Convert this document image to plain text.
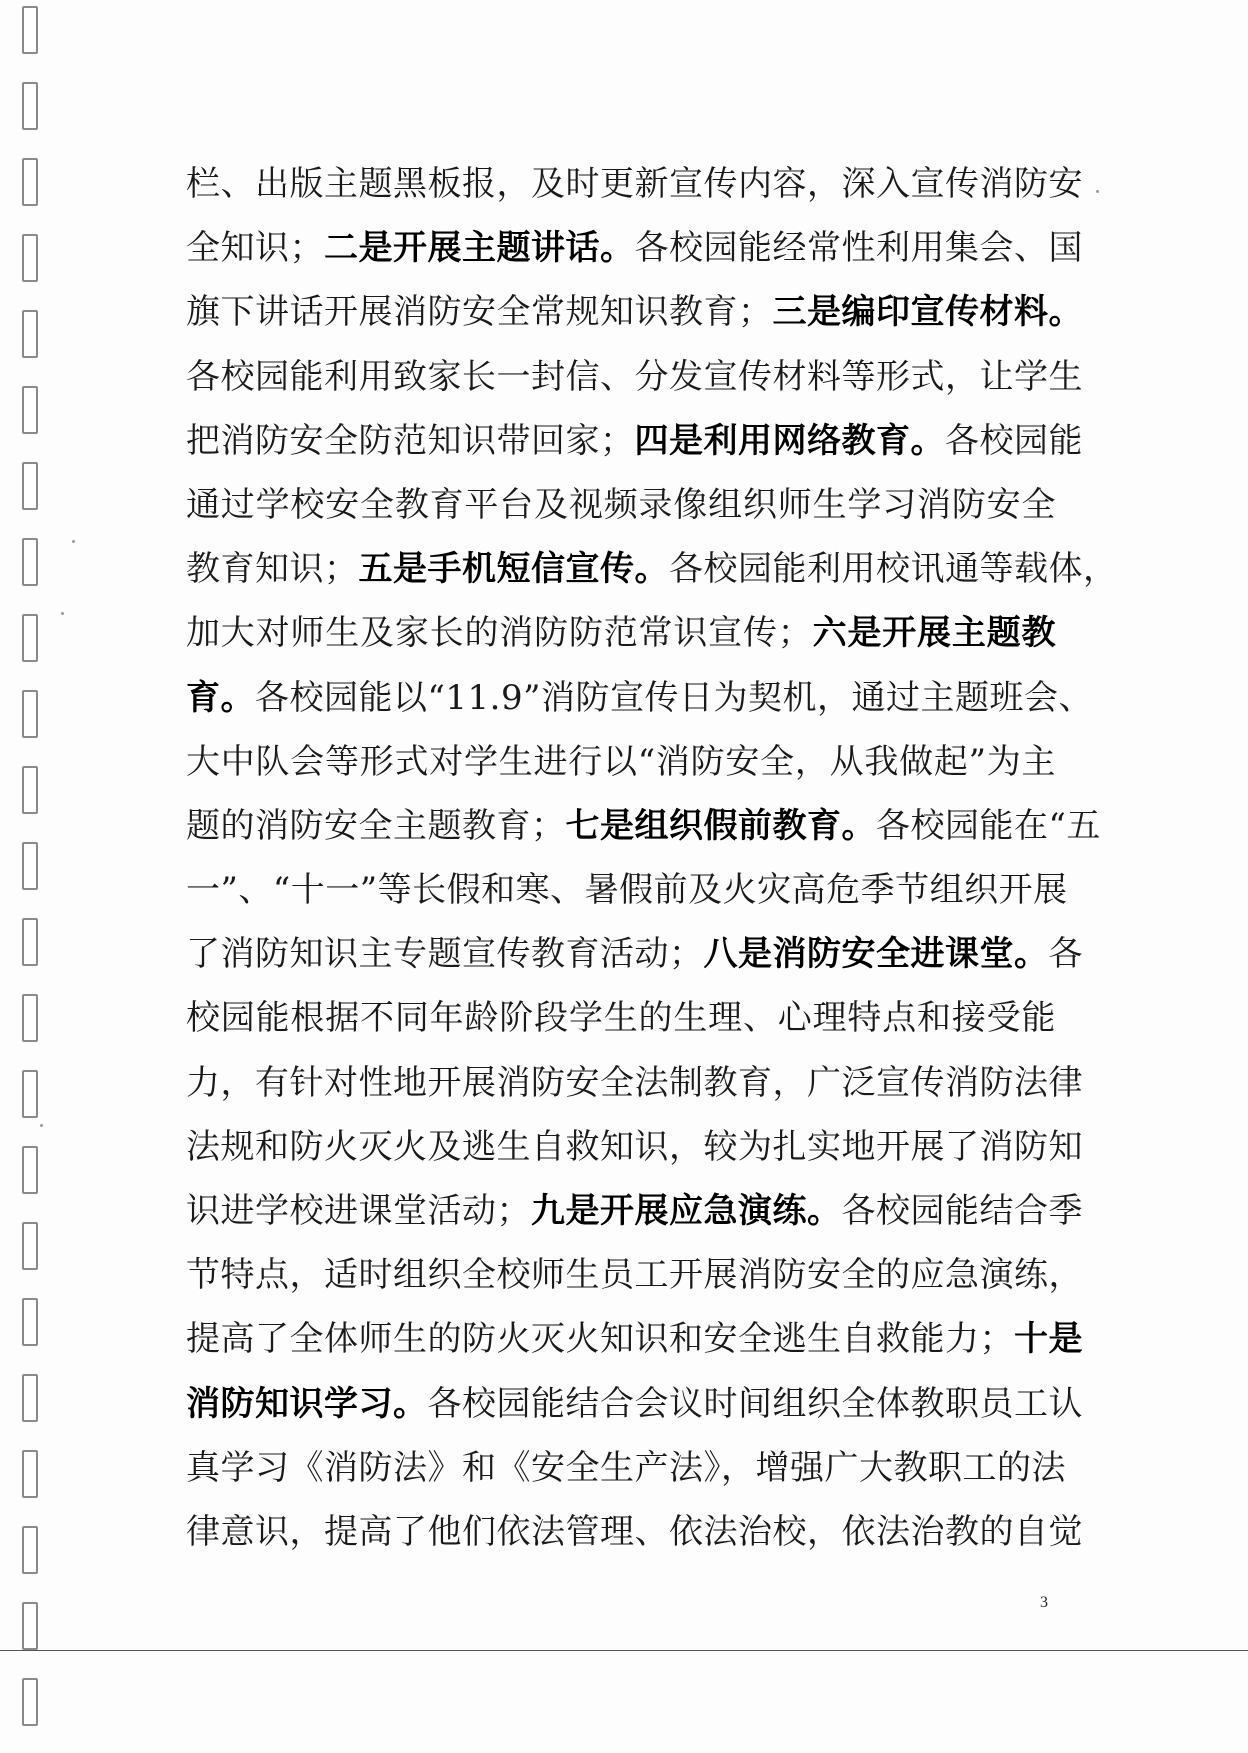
栏、出版主题黑板报，及时更新宣传内容，深入宣传消防安
全知识；二是开展主题讲话。各校园能经常性利用集会、国
旗下讲话开展消防安全常规知识教育；三是编印宣传材料。
各校园能利用致家长一封信、分发宣传材料等形式，让学生
把消防安全防范知识带回家；四是利用网络教育。各校园能
通过学校安全教育平台及视频录像组织师生学习消防安全
教育知识；五是手机短信宣传。各校园能利用校讯通等载体，
加大对师生及家长的消防防范常识宣传；六是开展主题教
育。各校园能以“11.9”消防宣传日为契机，通过主题班会、
大中队会等形式对学生进行以“消防安全，从我做起”为主
题的消防安全主题教育；七是组织假前教育。各校园能在“五
一”、“十一”等长假和寒、暑假前及火灾高危季节组织开展
了消防知识主专题宣传教育活动；八是消防安全进课堂。各
校园能根据不同年龄阶段学生的生理、心理特点和接受能
力，有针对性地开展消防安全法制教育，广泛宣传消防法律
法规和防火灭火及逃生自救知识，较为扎实地开展了消防知
识进学校进课堂活动；九是开展应急演练。各校园能结合季
节特点，适时组织全校师生员工开展消防安全的应急演练，
提高了全体师生的防火灭火知识和安全逃生自救能力；十是
消防知识学习。各校园能结合会议时间组织全体教职员工认
真学习《消防法》和《安全生产法》，增强广大教职工的法
律意识，提高了他们依法管理、依法治校，依法治教的自觉
3
